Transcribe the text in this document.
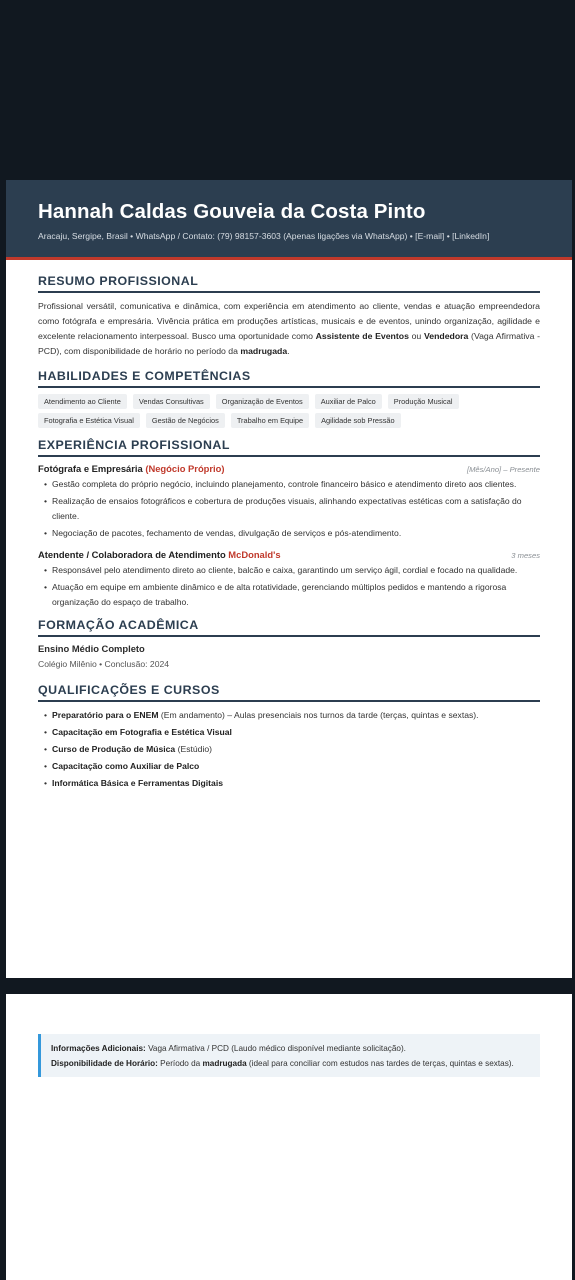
Hannah Caldas Gouveia da Costa Pinto
Aracaju, Sergipe, Brasil • WhatsApp / Contato: (79) 98157-3603 (Apenas ligações via WhatsApp) • [E-mail] • [LinkedIn]
RESUMO PROFISSIONAL

Profissional versátil, comunicativa e dinâmica, com experiência em atendimento ao cliente, vendas e atuação empreendedora como fotógrafa e empresária. Vivência prática em produções artísticas, musicais e de eventos, unindo organização, agilidade e excelente relacionamento interpessoal. Busco uma oportunidade como Assistente de Eventos ou Vendedora (Vaga Afirmativa - PCD), com disponibilidade de horário no período da madrugada.

HABILIDADES E COMPETÊNCIAS
Atendimento ao Cliente	Vendas Consultivas	Organização de Eventos	Auxiliar de Palco	Produção Musical
Fotografia e Estética Visual	Gestão de Negócios	Trabalho em Equipe	Agilidade sob Pressão
EXPERIÊNCIA PROFISSIONAL
Fotógrafa e Empresária (Negócio Próprio)	[Mês/Ano] – Presente
• Gestão completa do próprio negócio, incluindo planejamento, controle financeiro básico e atendimento direto aos clientes.
• Realização de ensaios fotográficos e cobertura de produções visuais, alinhando expectativas estéticas com a satisfação do cliente.
• Negociação de pacotes, fechamento de vendas, divulgação de serviços e pós-atendimento.
Atendente / Colaboradora de Atendimento McDonald's	3 meses
• Responsável pelo atendimento direto ao cliente, balcão e caixa, garantindo um serviço ágil, cordial e focado na qualidade.
• Atuação em equipe em ambiente dinâmico e de alta rotatividade, gerenciando múltiplos pedidos e mantendo a rigorosa organização do espaço de trabalho.
FORMAÇÃO ACADÊMICA
Ensino Médio Completo
Colégio Milênio • Conclusão: 2024
QUALIFICAÇÕES E CURSOS
• Preparatório para o ENEM (Em andamento) – Aulas presenciais nos turnos da tarde (terças, quintas e sextas).
• Capacitação em Fotografia e Estética Visual
• Curso de Produção de Música (Estúdio)
• Capacitação como Auxiliar de Palco
• Informática Básica e Ferramentas Digitais
Informações Adicionais: Vaga Afirmativa / PCD (Laudo médico disponível mediante solicitação).
Disponibilidade de Horário: Período da madrugada (ideal para conciliar com estudos nas tardes de terças, quintas e sextas).
